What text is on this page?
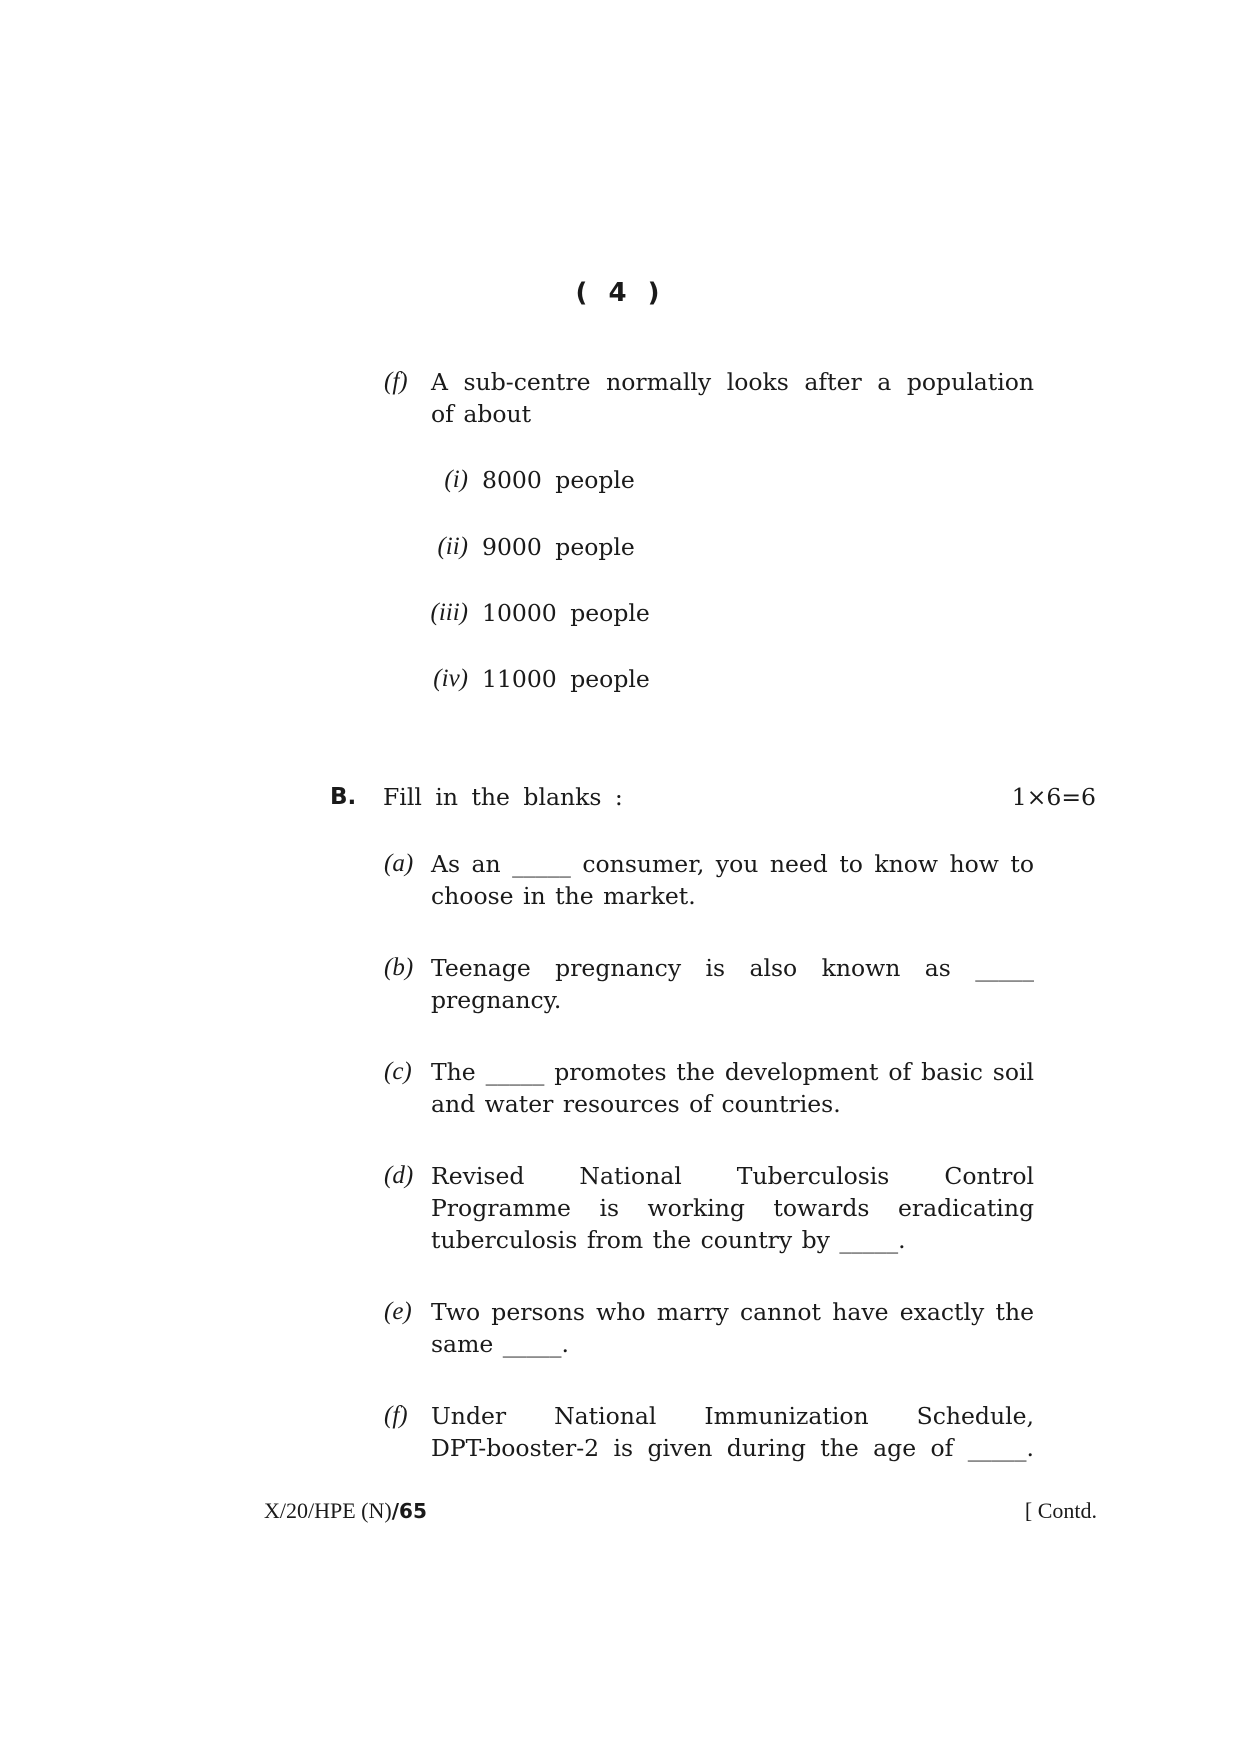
( 4 )
(f) A sub-centre normally looks after a population
of about
(i) 8000 people
(ii) 9000 people
(iii) 10000 people
(iv) 11000 people
B. Fill in the blanks :	1×6=6
(a) As an _____ consumer, you need to know how to
choose in the market.
(b) Teenage pregnancy is also known as _____
pregnancy.
(c) The _____ promotes the development of basic soil
and water resources of countries.
(d) Revised National Tuberculosis Control
Programme is working towards eradicating
tuberculosis from the country by _____.
(e) Two persons who marry cannot have exactly the
same _____.
(f) Under National Immunization Schedule,
DPT-booster-2 is given during the age of _____.
X/20/HPE (N)/65	[ Contd.
